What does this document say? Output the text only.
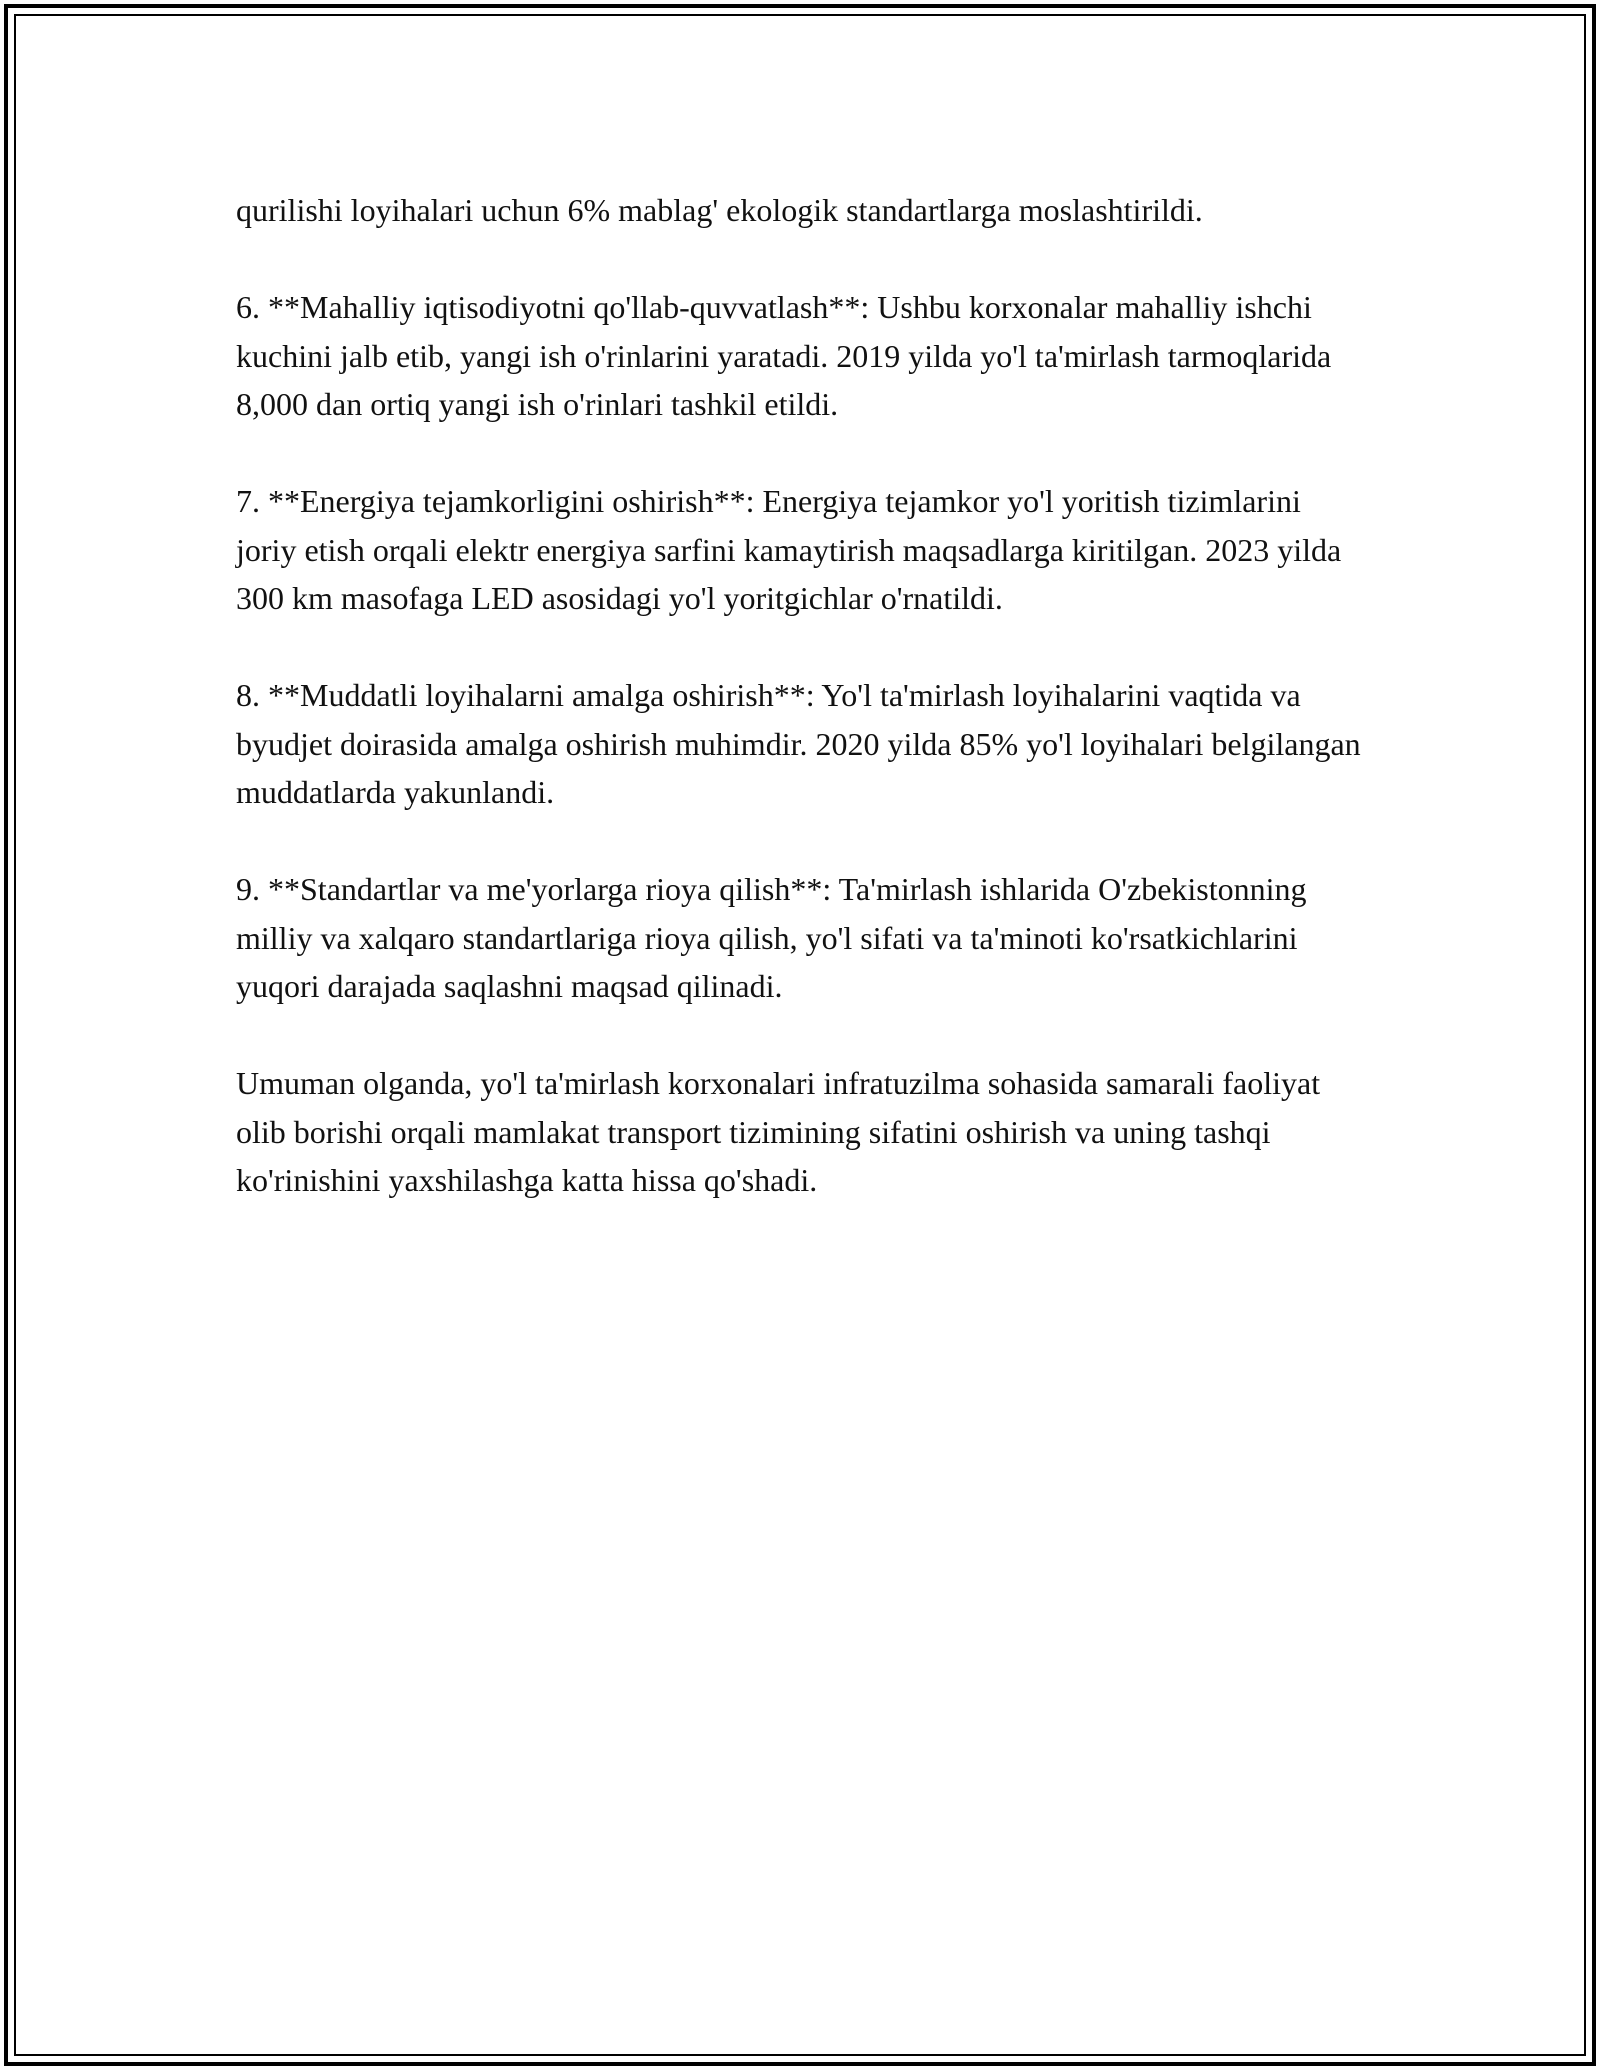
qurilishi loyihalari uchun 6% mablag' ekologik standartlarga moslashtirildi.

6. **Mahalliy iqtisodiyotni qo'llab-quvvatlash**: Ushbu korxonalar mahalliy ishchi kuchini jalb etib, yangi ish o'rinlarini yaratadi. 2019 yilda yo'l ta'mirlash tarmoqlarida 8,000 dan ortiq yangi ish o'rinlari tashkil etildi.

7. **Energiya tejamkorligini oshirish**: Energiya tejamkor yo'l yoritish tizimlarini joriy etish orqali elektr energiya sarfini kamaytirish maqsadlarga kiritilgan. 2023 yilda 300 km masofaga LED asosidagi yo'l yoritgichlar o'rnatildi.

8. **Muddatli loyihalarni amalga oshirish**: Yo'l ta'mirlash loyihalarini vaqtida va byudjet doirasida amalga oshirish muhimdir. 2020 yilda 85% yo'l loyihalari belgilangan muddatlarda yakunlandi.

9. **Standartlar va me'yorlarga rioya qilish**: Ta'mirlash ishlarida O'zbekistonning milliy va xalqaro standartlariga rioya qilish, yo'l sifati va ta'minoti ko'rsatkichlarini yuqori darajada saqlashni maqsad qilinadi.

Umuman olganda, yo'l ta'mirlash korxonalari infratuzilma sohasida samarali faoliyat olib borishi orqali mamlakat transport tizimining sifatini oshirish va uning tashqi ko'rinishini yaxshilashga katta hissa qo'shadi.
